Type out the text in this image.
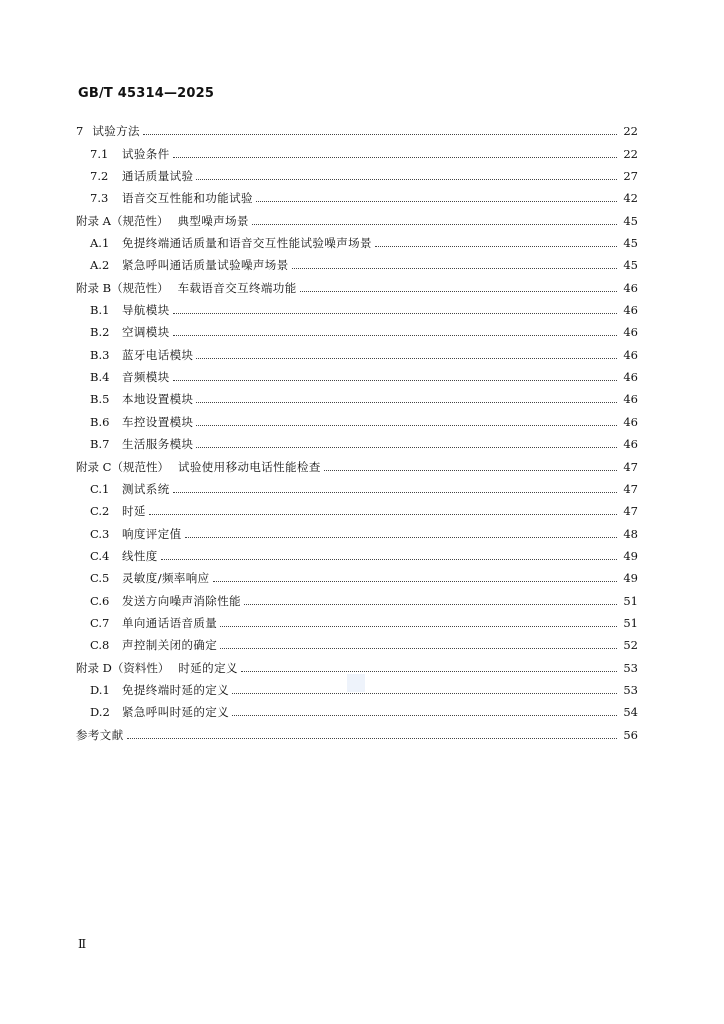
GB/T 45314—2025
7 试验方法	22
7.1 试验条件	22
7.2 通话质量试验	27
7.3 语音交互性能和功能试验	42
附录 A（规范性） 典型噪声场景	45
A.1 免提终端通话质量和语音交互性能试验噪声场景	45
A.2 紧急呼叫通话质量试验噪声场景	45
附录 B（规范性） 车载语音交互终端功能	46
B.1 导航模块	46
B.2 空调模块	46
B.3 蓝牙电话模块	46
B.4 音频模块	46
B.5 本地设置模块	46
B.6 车控设置模块	46
B.7 生活服务模块	46
附录 C（规范性） 试验使用移动电话性能检查	47
C.1 测试系统	47
C.2 时延	47
C.3 响度评定值	48
C.4 线性度	49
C.5 灵敏度/频率响应	49
C.6 发送方向噪声消除性能	51
C.7 单向通话语音质量	51
C.8 声控制关闭的确定	52
附录 D（资料性） 时延的定义	53
D.1 免提终端时延的定义	53
D.2 紧急呼叫时延的定义	54
参考文献	56
Ⅱ
